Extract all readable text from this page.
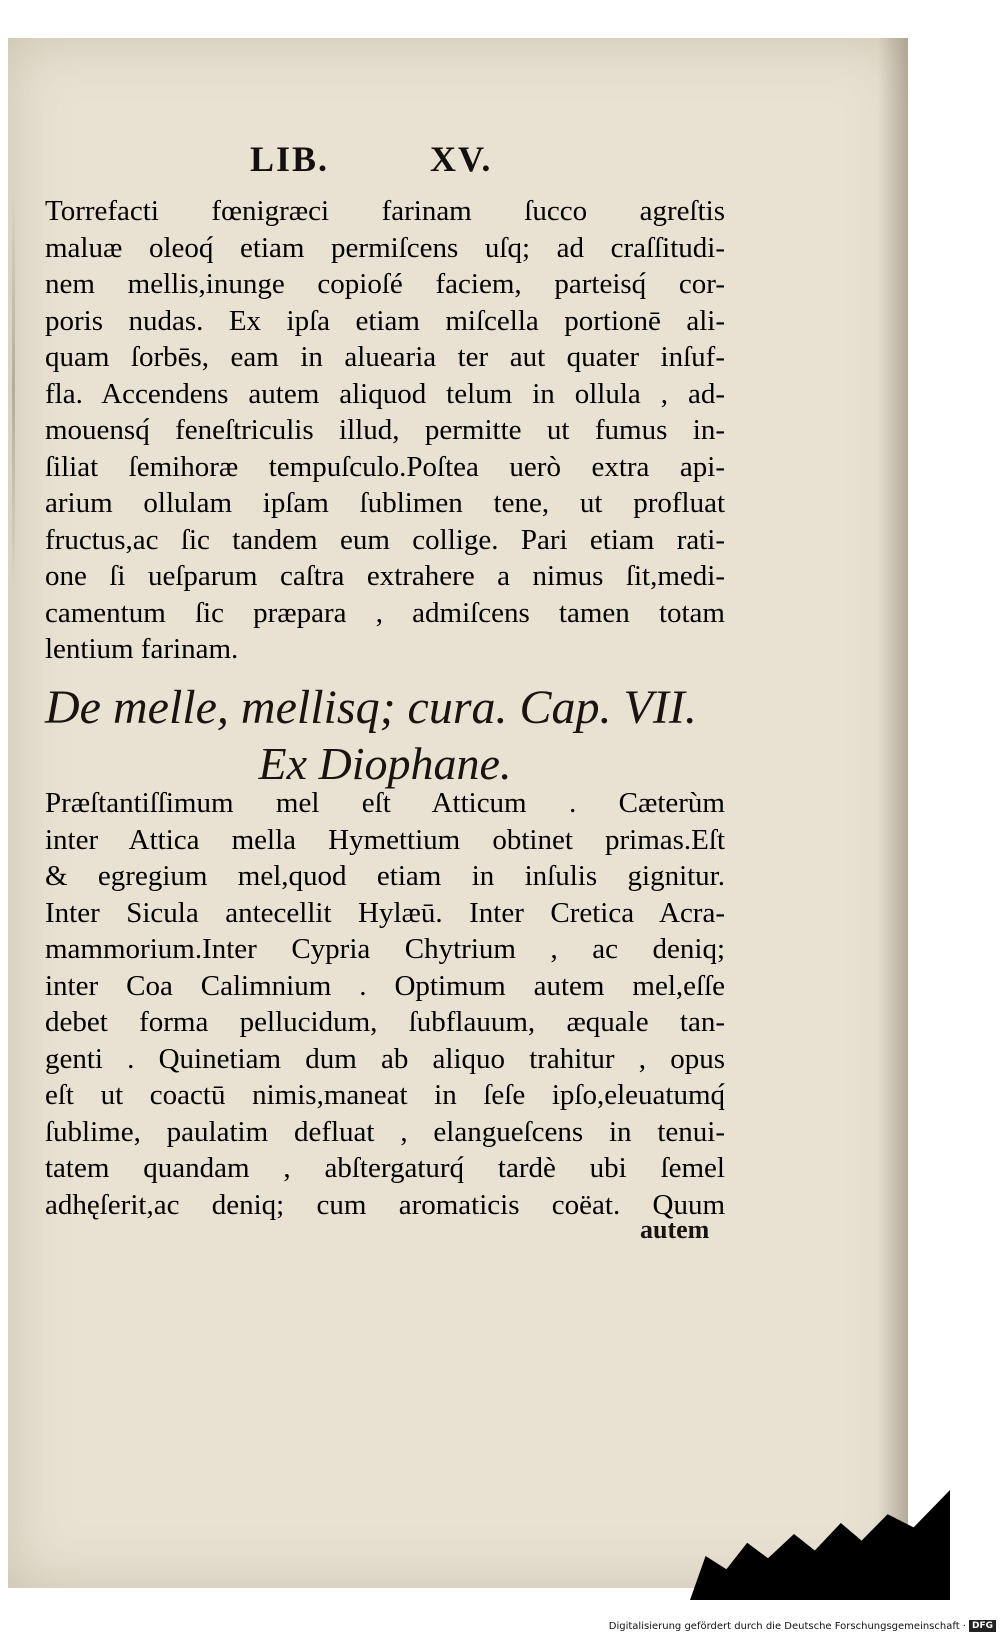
LIB.	XV.
Torrefacti fœnigræci farinam ſucco agreſtis
maluæ oleoq́ etiam permiſcens uſq; ad craſſitudi-
nem mellis,inunge copioſé faciem, parteisq́ cor-
poris nudas. Ex ipſa etiam miſcella portionē ali-
quam ſorbēs, eam in aluearia ter aut quater inſuf-
fla. Accendens autem aliquod telum in ollula , ad-
mouensq́ feneſtriculis illud, permitte ut fumus in-
ſiliat ſemihoræ tempuſculo.Poſtea uerò extra api-
arium ollulam ipſam ſublimen tene, ut profluat
fructus,ac ſic tandem eum collige. Pari etiam rati-
one ſi ueſparum caſtra extrahere a nimus ſit,medi-
camentum ſic præpara , admiſcens tamen totam
lentium farinam.
De melle, mellisq; cura. Cap. VII.
Ex Diophane.
Præſtantiſſimum mel eſt Atticum . Cæterùm
inter Attica mella Hymettium obtinet primas.Eſt
& egregium mel,quod etiam in inſulis gignitur.
Inter Sicula antecellit Hylæū. Inter Cretica Acra-
mammorium.Inter Cypria Chytrium , ac deniq;
inter Coa Calimnium . Optimum autem mel,eſſe
debet forma pellucidum, ſubflauum, æquale tan-
genti . Quinetiam dum ab aliquo trahitur , opus
eſt ut coactū nimis,maneat in ſeſe ipſo,eleuatumq́
ſublime, paulatim defluat , elangueſcens in tenui-
tatem quandam , abſtergaturq́ tardè ubi ſemel
adhęſerit,ac deniq; cum aromaticis coëat. Quum
autem
Digitalisierung gefördert durch die Deutsche Forschungsgemeinschaft · DFG
